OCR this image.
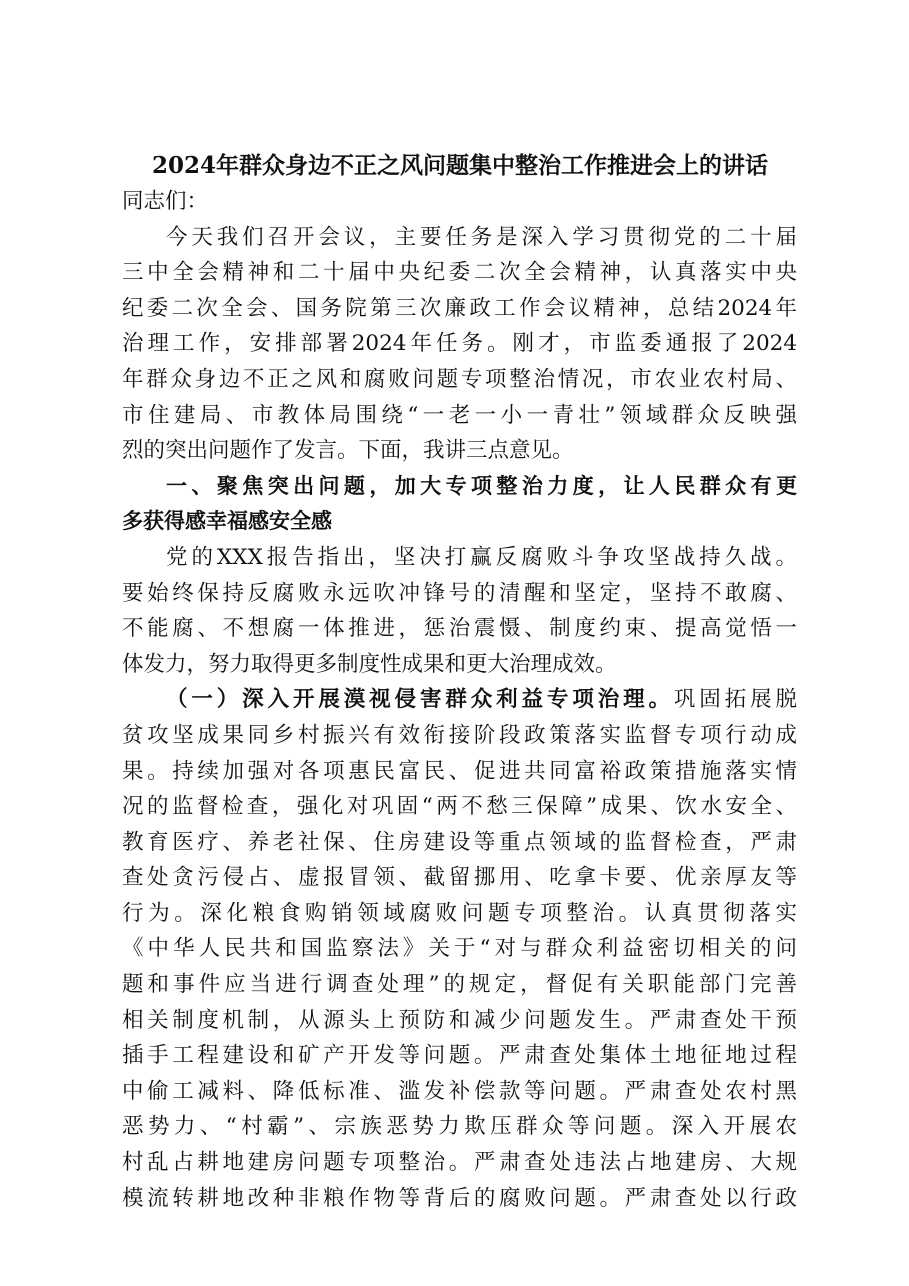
2024年群众身边不正之风问题集中整治工作推进会上的讲话
同志们：
今天我们召开会议，主要任务是深入学习贯彻党的二十届
三中全会精神和二十届中央纪委二次全会精神，认真落实中央
纪委二次全会、国务院第三次廉政工作会议精神，总结2024年
治理工作，安排部署2024年任务。刚才，市监委通报了2024
年群众身边不正之风和腐败问题专项整治情况，市农业农村局、
市住建局、市教体局围绕“一老一小一青壮”领域群众反映强
烈的突出问题作了发言。下面，我讲三点意见。
一、聚焦突出问题，加大专项整治力度，让人民群众有更
多获得感幸福感安全感
党的XXX报告指出，坚决打赢反腐败斗争攻坚战持久战。
要始终保持反腐败永远吹冲锋号的清醒和坚定，坚持不敢腐、
不能腐、不想腐一体推进，惩治震慑、制度约束、提高觉悟一
体发力，努力取得更多制度性成果和更大治理成效。
（一）深入开展漠视侵害群众利益专项治理。巩固拓展脱
贫攻坚成果同乡村振兴有效衔接阶段政策落实监督专项行动成
果。持续加强对各项惠民富民、促进共同富裕政策措施落实情
况的监督检查，强化对巩固“两不愁三保障”成果、饮水安全、
教育医疗、养老社保、住房建设等重点领域的监督检查，严肃
查处贪污侵占、虚报冒领、截留挪用、吃拿卡要、优亲厚友等
行为。深化粮食购销领域腐败问题专项整治。认真贯彻落实
《中华人民共和国监察法》关于“对与群众利益密切相关的问
题和事件应当进行调查处理”的规定，督促有关职能部门完善
相关制度机制，从源头上预防和减少问题发生。严肃查处干预
插手工程建设和矿产开发等问题。严肃查处集体土地征地过程
中偷工减料、降低标准、滥发补偿款等问题。严肃查处农村黑
恶势力、“村霸”、宗族恶势力欺压群众等问题。深入开展农
村乱占耕地建房问题专项整治。严肃查处违法占地建房、大规
模流转耕地改种非粮作物等背后的腐败问题。严肃查处以行政
